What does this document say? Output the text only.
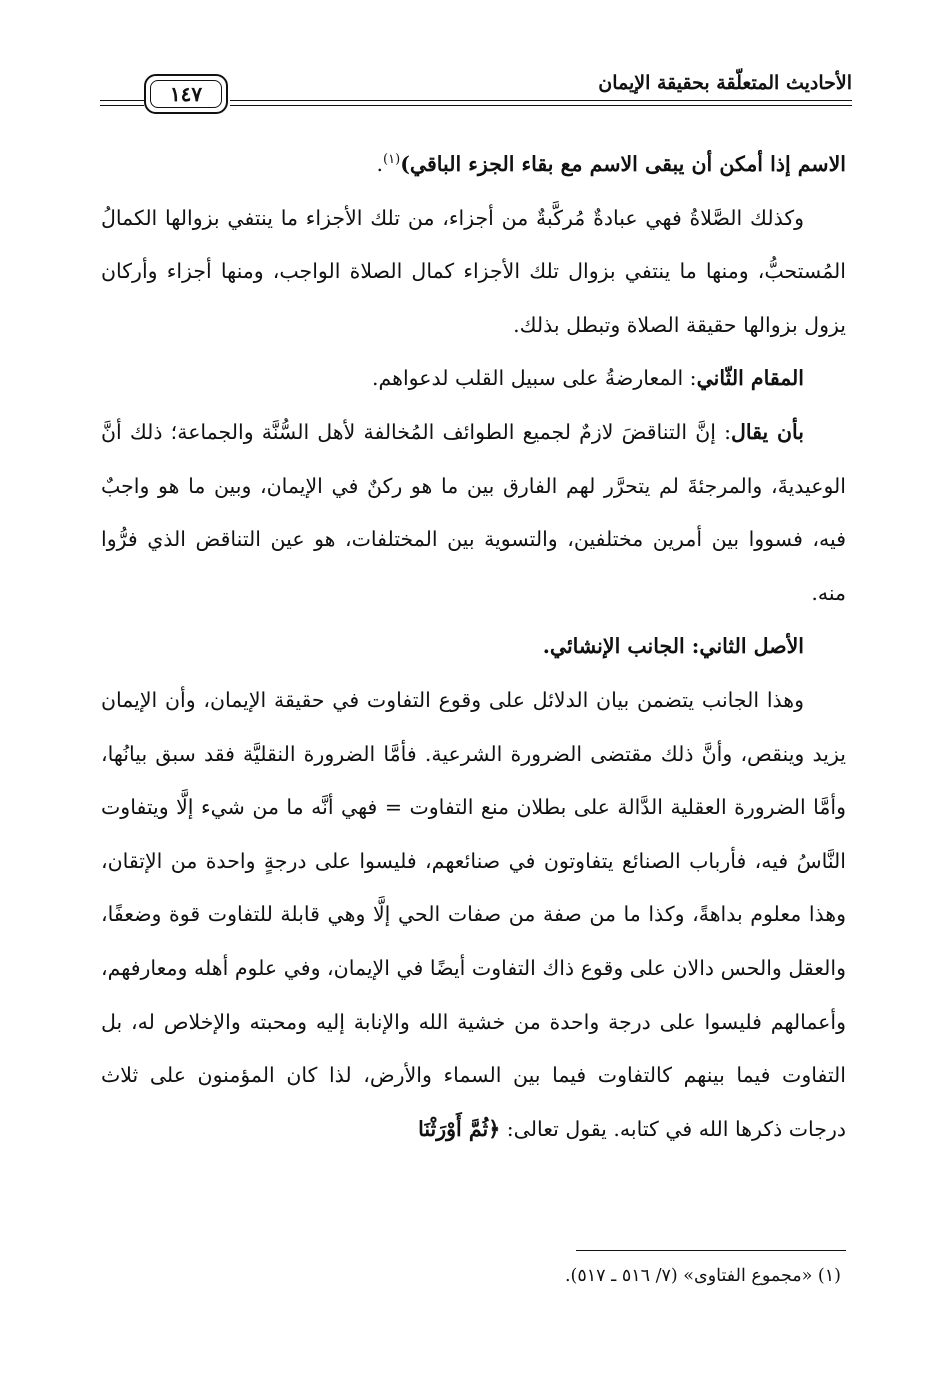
الأحاديث المتعلّقة بحقيقة الإيمان
١٤٧

الاسم إذا أمكن أن يبقى الاسم مع بقاء الجزء الباقي)$^{(١)}$.

وكذلك الصَّلاةُ فهي عبادةٌ مُركَّبةٌ من أجزاء، من تلك الأجزاء ما ينتفي بزوالها الكمالُ المُستحبُّ، ومنها ما ينتفي بزوال تلك الأجزاء كمال الصلاة الواجب، ومنها أجزاء وأركان يزول بزوالها حقيقة الصلاة وتبطل بذلك.

المقام الثّاني: المعارضةُ على سبيل القلب لدعواهم.

بأن يقال: إنَّ التناقضَ لازمٌ لجميع الطوائف المُخالفة لأهل السُّنَّة والجماعة؛ ذلك أنَّ الوعيديةَ، والمرجئةَ لم يتحرَّر لهم الفارق بين ما هو ركنٌ في الإيمان، وبين ما هو واجبٌ فيه، فسووا بين أمرين مختلفين، والتسوية بين المختلفات، هو عين التناقض الذي فرُّوا منه.

الأصل الثاني: الجانب الإنشائي.

وهذا الجانب يتضمن بيان الدلائل على وقوع التفاوت في حقيقة الإيمان، وأن الإيمان يزيد وينقص، وأنَّ ذلك مقتضى الضرورة الشرعية. فأمَّا الضرورة النقليَّة فقد سبق بيانُها، وأمَّا الضرورة العقلية الدَّالة على بطلان منع التفاوت = فهي أنَّه ما من شيء إلَّا ويتفاوت النَّاسُ فيه، فأرباب الصنائع يتفاوتون في صنائعهم، فليسوا على درجةٍ واحدة من الإتقان، وهذا معلوم بداهةً، وكذا ما من صفة من صفات الحي إلَّا وهي قابلة للتفاوت قوة وضعفًا، والعقل والحس دالان على وقوع ذاك التفاوت أيضًا في الإيمان، وفي علوم أهله ومعارفهم، وأعمالهم فليسوا على درجة واحدة من خشية الله والإنابة إليه ومحبته والإخلاص له، بل التفاوت فيما بينهم كالتفاوت فيما بين السماء والأرض، لذا كان المؤمنون على ثلاث درجات ذكرها الله في كتابه. يقول تعالى: ﴿ثُمَّ أَوْرَثْنَا

(١) «مجموع الفتاوى» (٧/ ٥١٦ ـ ٥١٧).
